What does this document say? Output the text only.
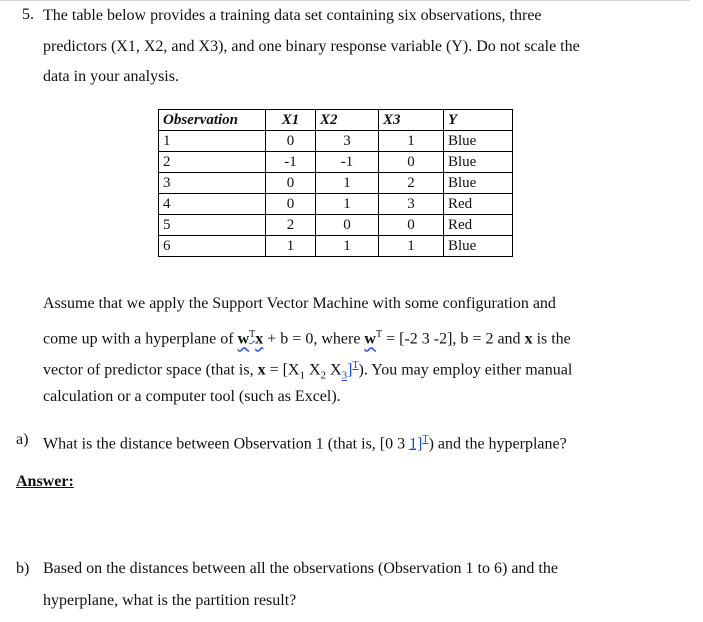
5. The table below provides a training data set containing six observations, three
predictors (X1, X2, and X3), and one binary response variable (Y). Do not scale the
data in your analysis.
Observation	X1	X2	X3	Y
1	0	3	1	Blue
2	-1	-1	0	Blue
3	0	1	2	Blue
4	0	1	3	Red
5	2	0	0	Red
6	1	1	1	Blue
Assume that we apply the Support Vector Machine with some configuration and
come up with a hyperplane of $w^Tx + b = 0$, where $w^T = [-2$ 3 -2], b = 2 and x is the
vector of predictor space (that is, $x = [X_1$ $X_2$ $X_3]^T$). You may employ either manual
calculation or a computer tool (such as Excel).
a) What is the distance between Observation 1 (that is, [0 3 1]$^T$) and the hyperplane?
Answer:
b) Based on the distances between all the observations (Observation 1 to 6) and the
hyperplane, what is the partition result?
